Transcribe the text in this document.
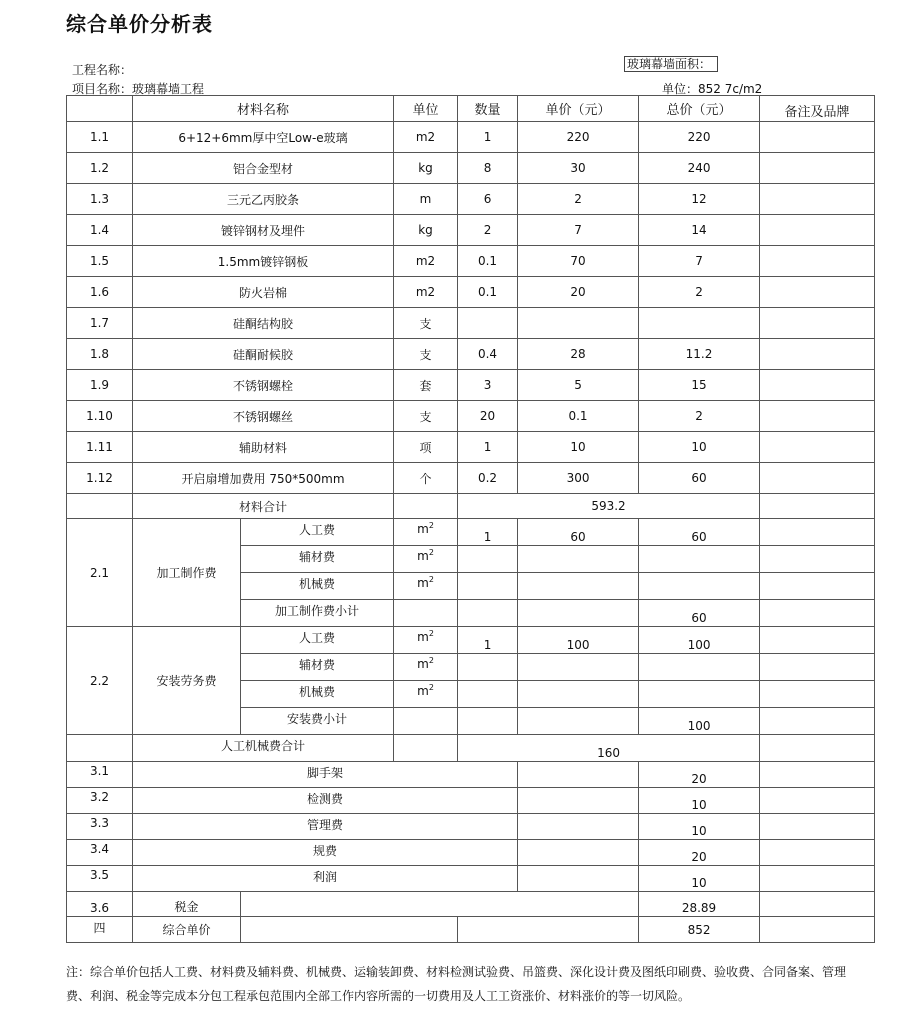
综合单价分析表
工程名称：	玻璃幕墙面积：
项目名称：玻璃幕墙工程	单位：852 7c/m2
	材料名称		单位	数量	单价（元）	总价（元）	备注及品牌
1.1	6+12+6mm厚中空Low-e玻璃		m2	1	220	220	
1.2	铝合金型材		kg	8	30	240	
1.3	三元乙丙胶条		m	6	2	12	
1.4	镀锌钢材及埋件		kg	2	7	14	
1.5	1.5mm镀锌钢板		m2	0.1	70	7	
1.6	防火岩棉		m2	0.1	20	2	
1.7	硅酮结构胶		支				
1.8	硅酮耐候胶		支	0.4	28	11.2	
1.9	不锈钢螺栓		套	3	5	15	
1.10	不锈钢螺丝		支	20	0.1	2	
1.11	辅助材料		项	1	10	10	
1.12	开启扇增加费用 750*500mm		个	0.2	300	60	
	材料合计			593.2			
2.1	加工制作费	人工费	$m^2$	1	60	60	
		辅材费	$m^2$				
		机械费	$m^2$				
		加工制作费小计				60	
2.2	安装劳务费	人工费	$m^2$	1	100	100	
		辅材费	$m^2$				
		机械费	$m^2$				
		安装费小计				100	
	人工机械费合计			160			
3.1	脚手架					20	
3.2	检测费					10	
3.3	管理费					10	
3.4	规费					20	
3.5	利润					10	
3.6	税金					28.89	
四	综合单价					852	
注：综合单价包括人工费、材料费及辅料费、机械费、运输装卸费、材料检测试验费、吊篮费、深化设计费及图纸印刷费、验收费、合同备案、管理费、利润、税金等完成本分包工程承包范围内全部工作内容所需的一切费用及人工工资涨价、材料涨价的等一切风险。
